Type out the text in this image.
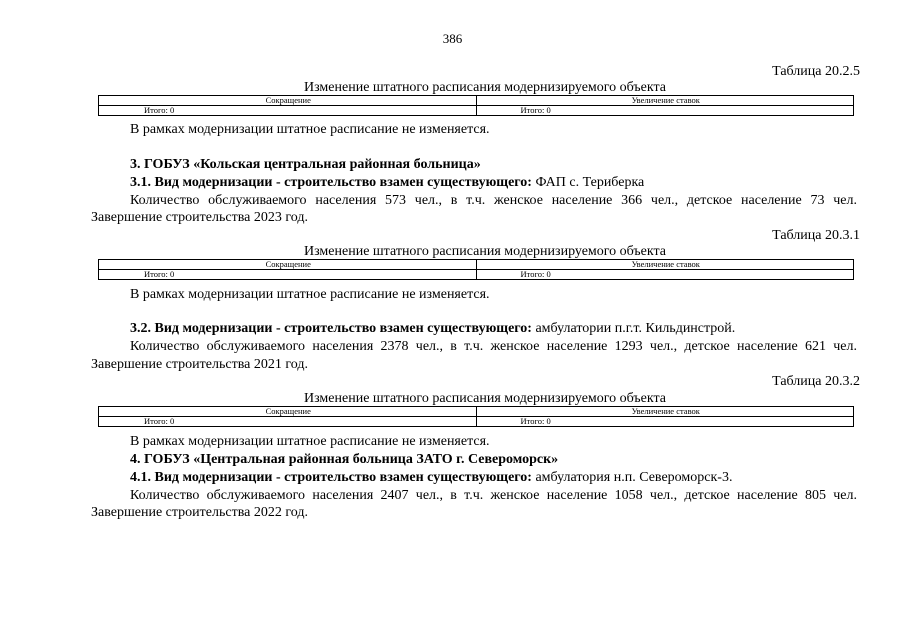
386
Таблица 20.2.5
Изменение штатного расписания модернизируемого объекта
Сокращение	Увеличение ставок
Итого: 0	Итого: 0
В рамках модернизации штатное расписание не изменяется.
3. ГОБУЗ «Кольская центральная районная больница»
3.1. Вид модернизации - строительство взамен существующего: ФАП с. Териберка
Количество обслуживаемого населения 573 чел., в т.ч. женское население 366 чел., детское население 73 чел.
Завершение строительства 2023 год.
Таблица 20.3.1
Изменение штатного расписания модернизируемого объекта
Сокращение	Увеличение ставок
Итого: 0	Итого: 0
В рамках модернизации штатное расписание не изменяется.
3.2. Вид модернизации - строительство взамен существующего: амбулатории п.г.т. Кильдинстрой.
Количество обслуживаемого населения 2378 чел., в т.ч. женское население 1293 чел., детское население 621 чел.
Завершение строительства 2021 год.
Таблица 20.3.2
Изменение штатного расписания модернизируемого объекта
Сокращение	Увеличение ставок
Итого: 0	Итого: 0
В рамках модернизации штатное расписание не изменяется.
4. ГОБУЗ «Центральная районная больница ЗАТО г. Североморск»
4.1. Вид модернизации - строительство взамен существующего: амбулатория н.п. Североморск-3.
Количество обслуживаемого населения 2407 чел., в т.ч. женское население 1058 чел., детское население 805 чел.
Завершение строительства 2022 год.
